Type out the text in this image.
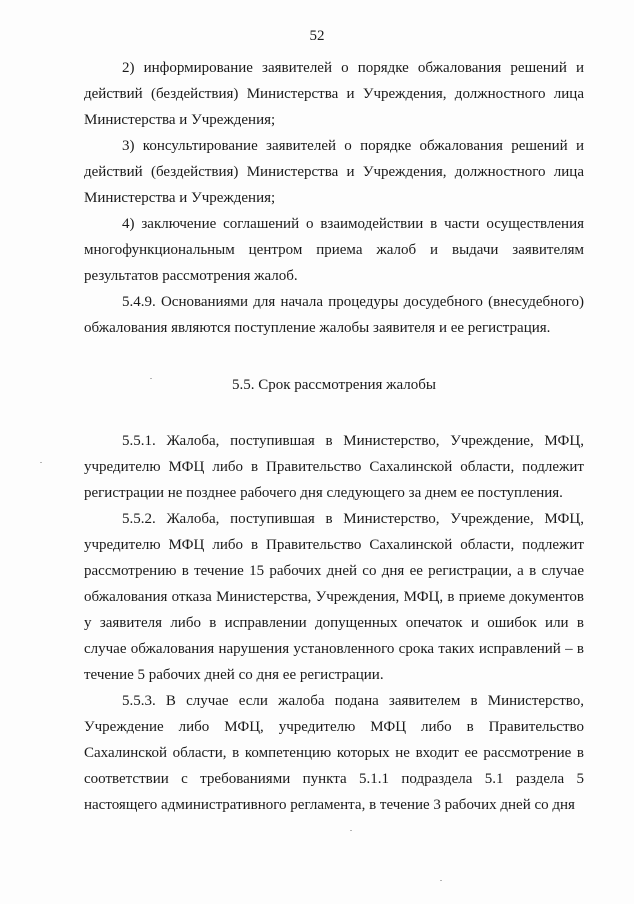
52

2) информирование заявителей о порядке обжалования решений и действий (бездействия) Министерства и Учреждения, должностного лица Министерства и Учреждения;

3) консультирование заявителей о порядке обжалования решений и действий (бездействия) Министерства и Учреждения, должностного лица Министерства и Учреждения;

4) заключение соглашений о взаимодействии в части осуществления многофункциональным центром приема жалоб и выдачи заявителям результатов рассмотрения жалоб.

5.4.9. Основаниями для начала процедуры досудебного (внесудебного) обжалования являются поступление жалобы заявителя и ее регистрация.

5.5. Срок рассмотрения жалобы

5.5.1. Жалоба, поступившая в Министерство, Учреждение, МФЦ, учредителю МФЦ либо в Правительство Сахалинской области, подлежит регистрации не позднее рабочего дня следующего за днем ее поступления.

5.5.2. Жалоба, поступившая в Министерство, Учреждение, МФЦ, учредителю МФЦ либо в Правительство Сахалинской области, подлежит рассмотрению в течение 15 рабочих дней со дня ее регистрации, а в случае обжалования отказа Министерства, Учреждения, МФЦ, в приеме документов у заявителя либо в исправлении допущенных опечаток и ошибок или в случае обжалования нарушения установленного срока таких исправлений – в течение 5 рабочих дней со дня ее регистрации.

5.5.3. В случае если жалоба подана заявителем в Министерство, Учреждение либо МФЦ, учредителю МФЦ либо в Правительство Сахалинской области, в компетенцию которых не входит ее рассмотрение в соответствии с требованиями пункта 5.1.1 подраздела 5.1 раздела 5 настоящего административного регламента, в течение 3 рабочих дней со дня
